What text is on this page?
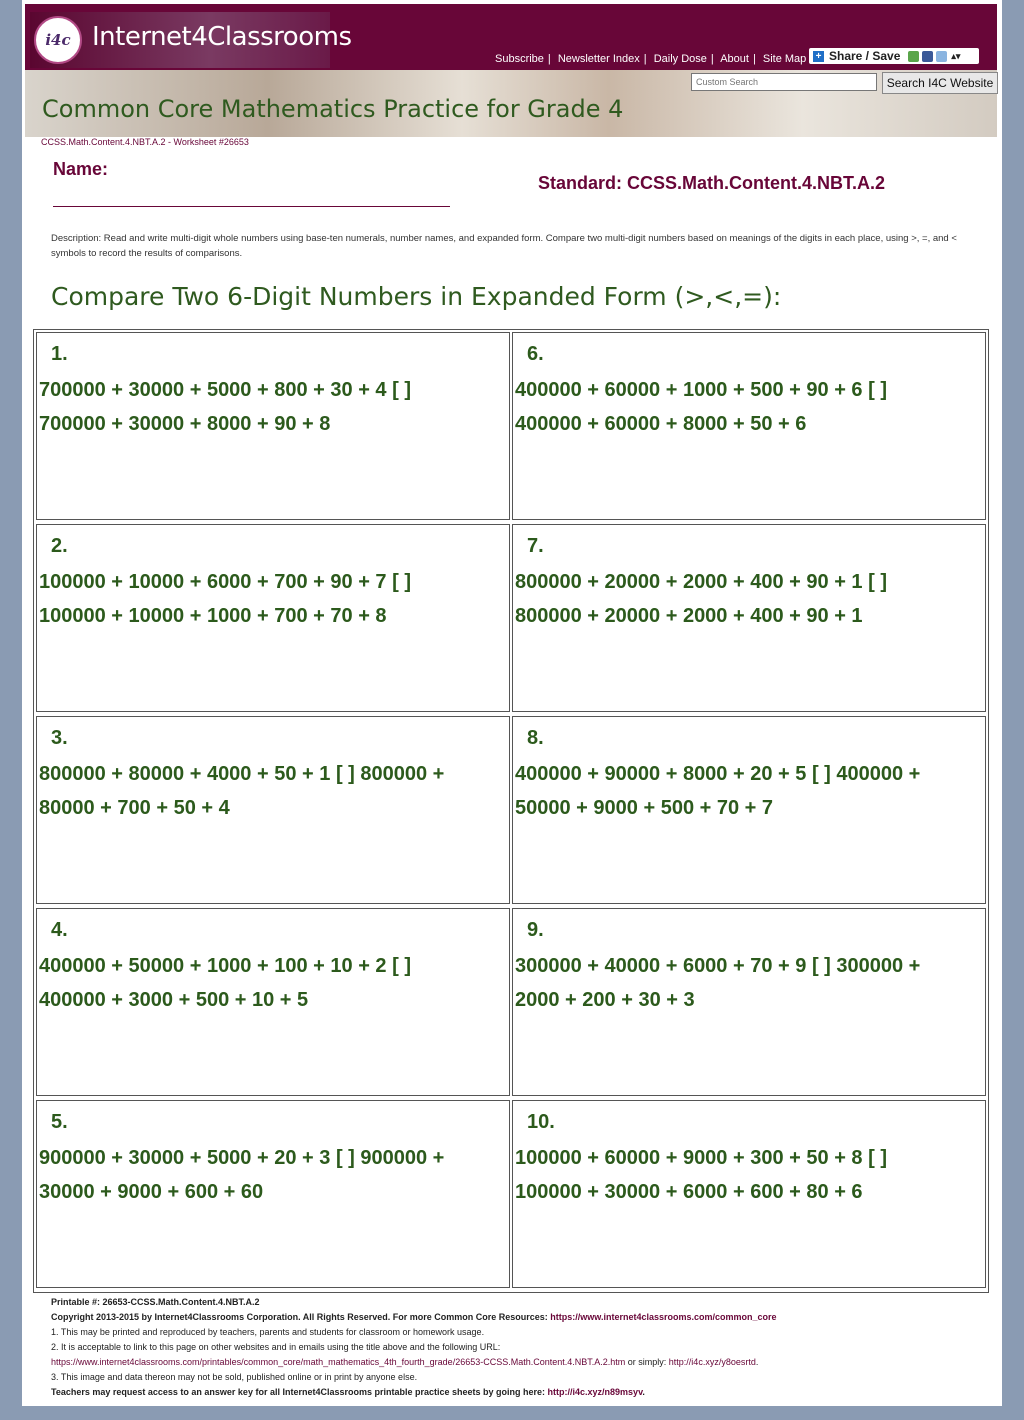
i4c Internet4Classrooms
Subscribe | Newsletter Index | Daily Dose | About | Site Map + Share / Save	▴▾
Custom Search
Search I4C Website
Common Core Mathematics Practice for Grade 4
CCSS.Math.Content.4.NBT.A.2 - Worksheet #26653
Name:
Standard: CCSS.Math.Content.4.NBT.A.2
Description: Read and write multi-digit whole numbers using base-ten numerals, number names, and expanded form. Compare two multi-digit numbers based on meanings of the digits in each place, using >, =, and < symbols to record the results of comparisons.
Compare Two 6-Digit Numbers in Expanded Form (>,<,=):
1.
700000 + 30000 + 5000 + 800 + 30 + 4 [ ]
700000 + 30000 + 8000 + 90 + 8
6.
400000 + 60000 + 1000 + 500 + 90 + 6 [ ]
400000 + 60000 + 8000 + 50 + 6
2.
100000 + 10000 + 6000 + 700 + 90 + 7 [ ]
100000 + 10000 + 1000 + 700 + 70 + 8
7.
800000 + 20000 + 2000 + 400 + 90 + 1 [ ]
800000 + 20000 + 2000 + 400 + 90 + 1
3.
800000 + 80000 + 4000 + 50 + 1 [ ] 800000 +
80000 + 700 + 50 + 4
8.
400000 + 90000 + 8000 + 20 + 5 [ ] 400000 +
50000 + 9000 + 500 + 70 + 7
4.
400000 + 50000 + 1000 + 100 + 10 + 2 [ ]
400000 + 3000 + 500 + 10 + 5
9.
300000 + 40000 + 6000 + 70 + 9 [ ] 300000 +
2000 + 200 + 30 + 3
5.
900000 + 30000 + 5000 + 20 + 3 [ ] 900000 +
30000 + 9000 + 600 + 60
10.
100000 + 60000 + 9000 + 300 + 50 + 8 [ ]
100000 + 30000 + 6000 + 600 + 80 + 6
Printable #: 26653-CCSS.Math.Content.4.NBT.A.2
Copyright 2013-2015 by Internet4Classrooms Corporation. All Rights Reserved. For more Common Core Resources: https://www.internet4classrooms.com/common_core
1. This may be printed and reproduced by teachers, parents and students for classroom or homework usage.
2. It is acceptable to link to this page on other websites and in emails using the title above and the following URL:
https://www.internet4classrooms.com/printables/common_core/math_mathematics_4th_fourth_grade/26653-CCSS.Math.Content.4.NBT.A.2.htm or simply: http://i4c.xyz/y8oesrtd.
3. This image and data thereon may not be sold, published online or in print by anyone else.
Teachers may request access to an answer key for all Internet4Classrooms printable practice sheets by going here: http://i4c.xyz/n89msyv.
